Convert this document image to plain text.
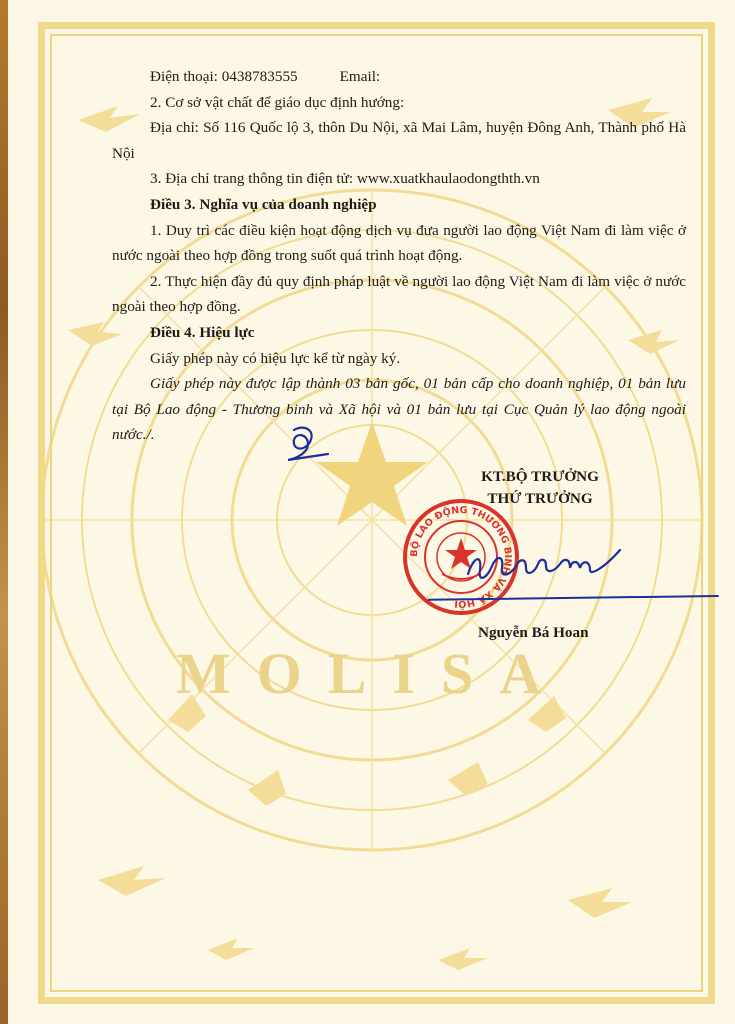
MOLISA

Điện thoại: 0438783555	Email:

2. Cơ sở vật chất để giáo dục định hướng:

Địa chỉ: Số 116 Quốc lộ 3, thôn Du Nội, xã Mai Lâm, huyện Đông Anh, Thành phố Hà Nội

3. Địa chỉ trang thông tin điện tử: www.xuatkhaulaodongthth.vn

Điều 3. Nghĩa vụ của doanh nghiệp

1. Duy trì các điều kiện hoạt động dịch vụ đưa người lao động Việt Nam đi làm việc ở nước ngoài theo hợp đồng trong suốt quá trình hoạt động.

2. Thực hiện đầy đủ quy định pháp luật về người lao động Việt Nam đi làm việc ở nước ngoài theo hợp đồng.

Điều 4. Hiệu lực

Giấy phép này có hiệu lực kể từ ngày ký.

Giấy phép này được lập thành 03 bản gốc, 01 bản cấp cho doanh nghiệp, 01 bản lưu tại Bộ Lao động - Thương binh và Xã hội và 01 bản lưu tại Cục Quản lý lao động ngoài nước./.

KT.BỘ TRƯỞNG
THỨ TRƯỞNG
BỘ LAO ĐỘNG THƯƠNG BINH VÀ XÃ HỘI
Nguyễn Bá Hoan
